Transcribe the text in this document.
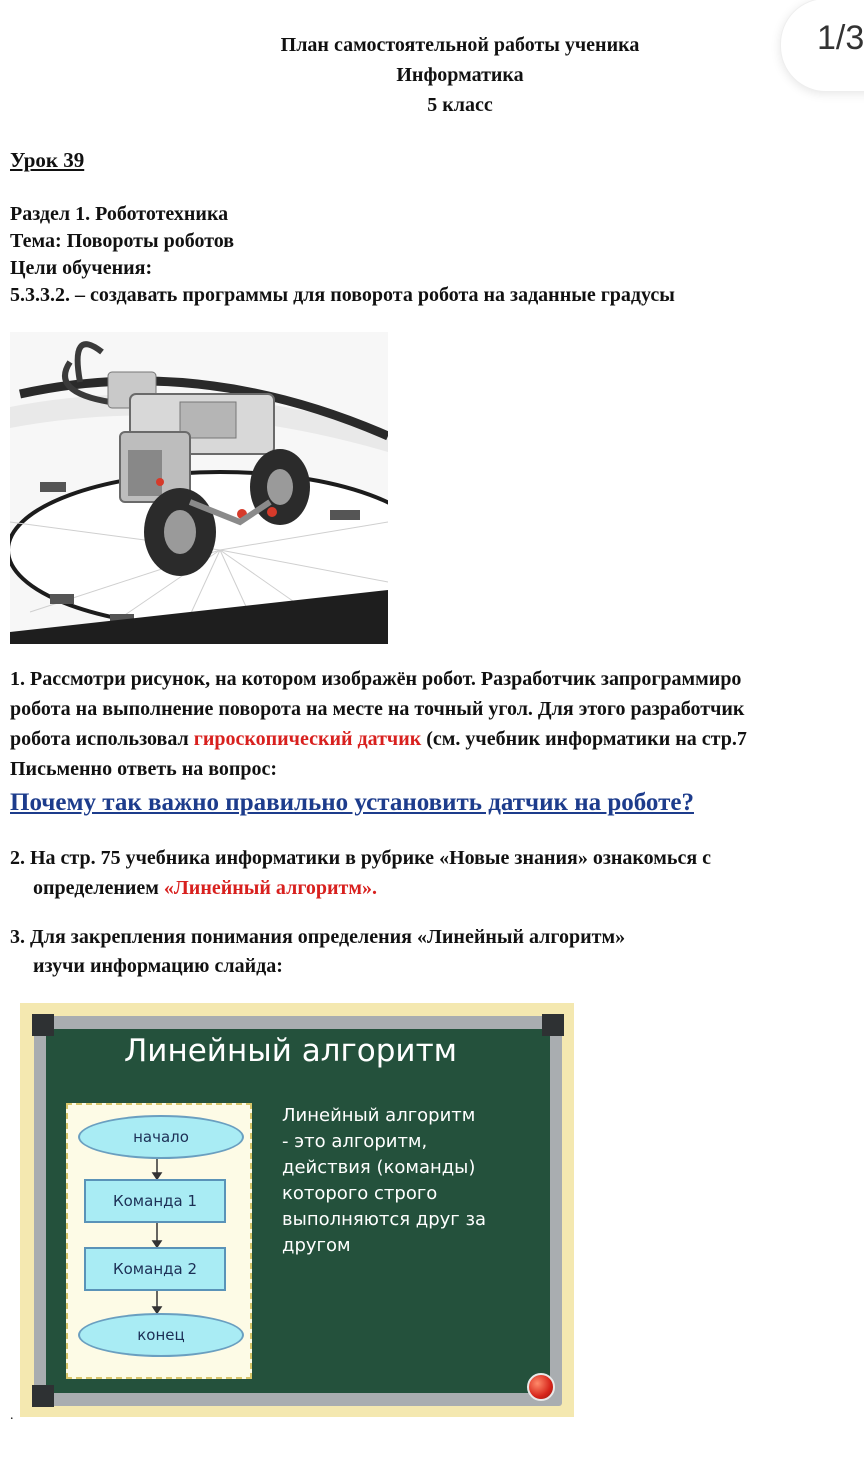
План самостоятельной работы ученика
Информатика
5 класс
1/3
Урок 39
Раздел 1. Робототехника
Тема: Повороты роботов
Цели обучения:
5.3.3.2. – создавать программы для поворота робота на заданные градусы
1. Рассмотри рисунок, на котором изображён робот. Разработчик запрограммиро
робота на выполнение поворота на месте на точный угол. Для этого разработчик
робота использовал гироскопический датчик (см. учебник информатики на стр.7
Письменно ответь на вопрос:
Почему так важно правильно установить датчик на роботе?
2. На стр. 75 учебника информатики в рубрике «Новые знания» ознакомься с
определением «Линейный алгоритм».
3. Для закрепления понимания определения «Линейный алгоритм»
изучи информацию слайда:
Линейный алгоритм
начало
Команда 1
Команда 2
конец
Линейный алгоритм
- это алгоритм,
действия (команды)
которого строго
выполняются друг за
другом
.
